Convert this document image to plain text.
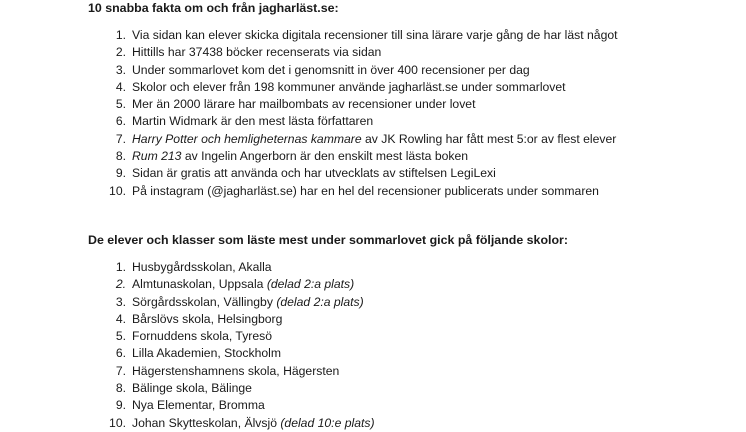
10 snabba fakta om och från jagharläst.se:
1. Via sidan kan elever skicka digitala recensioner till sina lärare varje gång de har läst något
2. Hittills har 37438 böcker recenserats via sidan
3. Under sommarlovet kom det i genomsnitt in över 400 recensioner per dag
4. Skolor och elever från 198 kommuner använde jagharläst.se under sommarlovet
5. Mer än 2000 lärare har mailbombats av recensioner under lovet
6. Martin Widmark är den mest lästa författaren
7. Harry Potter och hemligheternas kammare av JK Rowling har fått mest 5:or av flest elever
8. Rum 213 av Ingelin Angerborn är den enskilt mest lästa boken
9. Sidan är gratis att använda och har utvecklats av stiftelsen LegiLexi
10. På instagram (@jagharläst.se) har en hel del recensioner publicerats under sommaren
De elever och klasser som läste mest under sommarlovet gick på följande skolor:
1. Husbygårdsskolan, Akalla
2. Almtunaskolan, Uppsala (delad 2:a plats)
3. Sörgårdsskolan, Vällingby (delad 2:a plats)
4. Bårslövs skola, Helsingborg
5. Fornuddens skola, Tyresö
6. Lilla Akademien, Stockholm
7. Hägerstenshamnens skola, Hägersten
8. Bälinge skola, Bälinge
9. Nya Elementar, Bromma
10. Johan Skytteskolan, Älvsjö (delad 10:e plats)
